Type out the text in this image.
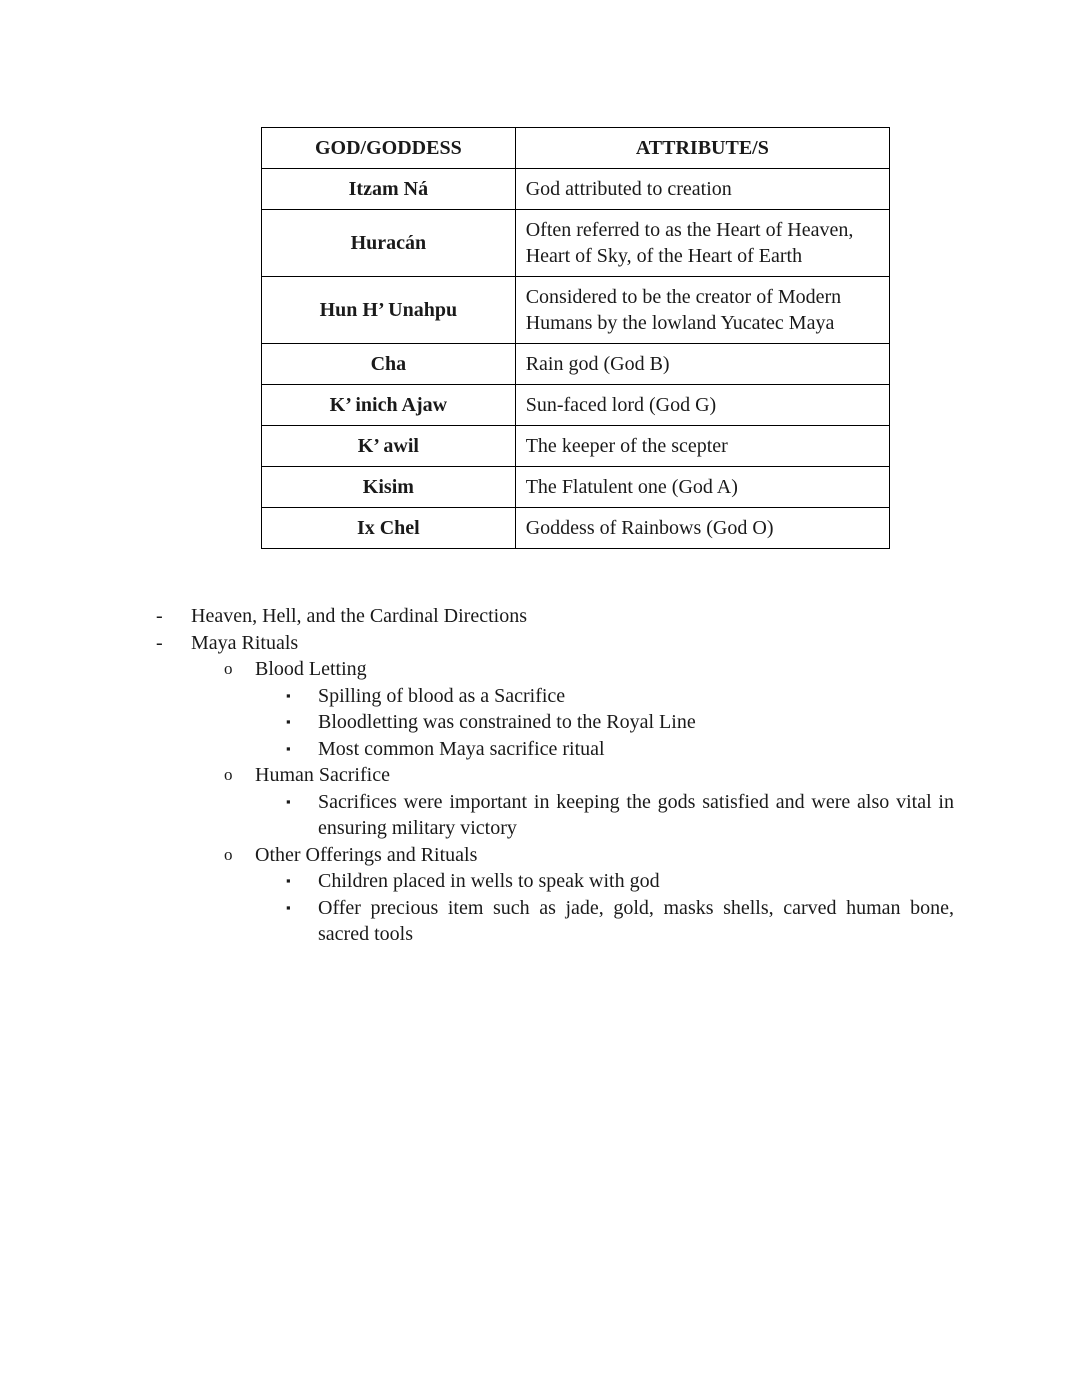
GOD/GODDESS	ATTRIBUTE/S
Itzam Ná	God attributed to creation
Huracán	Often referred to as the Heart of Heaven, Heart of Sky, of the Heart of Earth
Hun H’ Unahpu	Considered to be the creator of Modern Humans by the lowland Yucatec Maya
Cha	Rain god (God B)
K’ inich Ajaw	Sun-faced lord (God G)
K’ awil	The keeper of the scepter
Kisim	The Flatulent one (God A)
Ix Chel	Goddess of Rainbows (God O)
- Heaven, Hell, and the Cardinal Directions
- Maya Rituals
o Blood Letting
▪ Spilling of blood as a Sacrifice
▪ Bloodletting was constrained to the Royal Line
▪ Most common Maya sacrifice ritual
o Human Sacrifice
▪ Sacrifices were important in keeping the gods satisfied and were also vital in ensuring military victory
o Other Offerings and Rituals
▪ Children placed in wells to speak with god
▪ Offer precious item such as jade, gold, masks shells, carved human bone, sacred tools
